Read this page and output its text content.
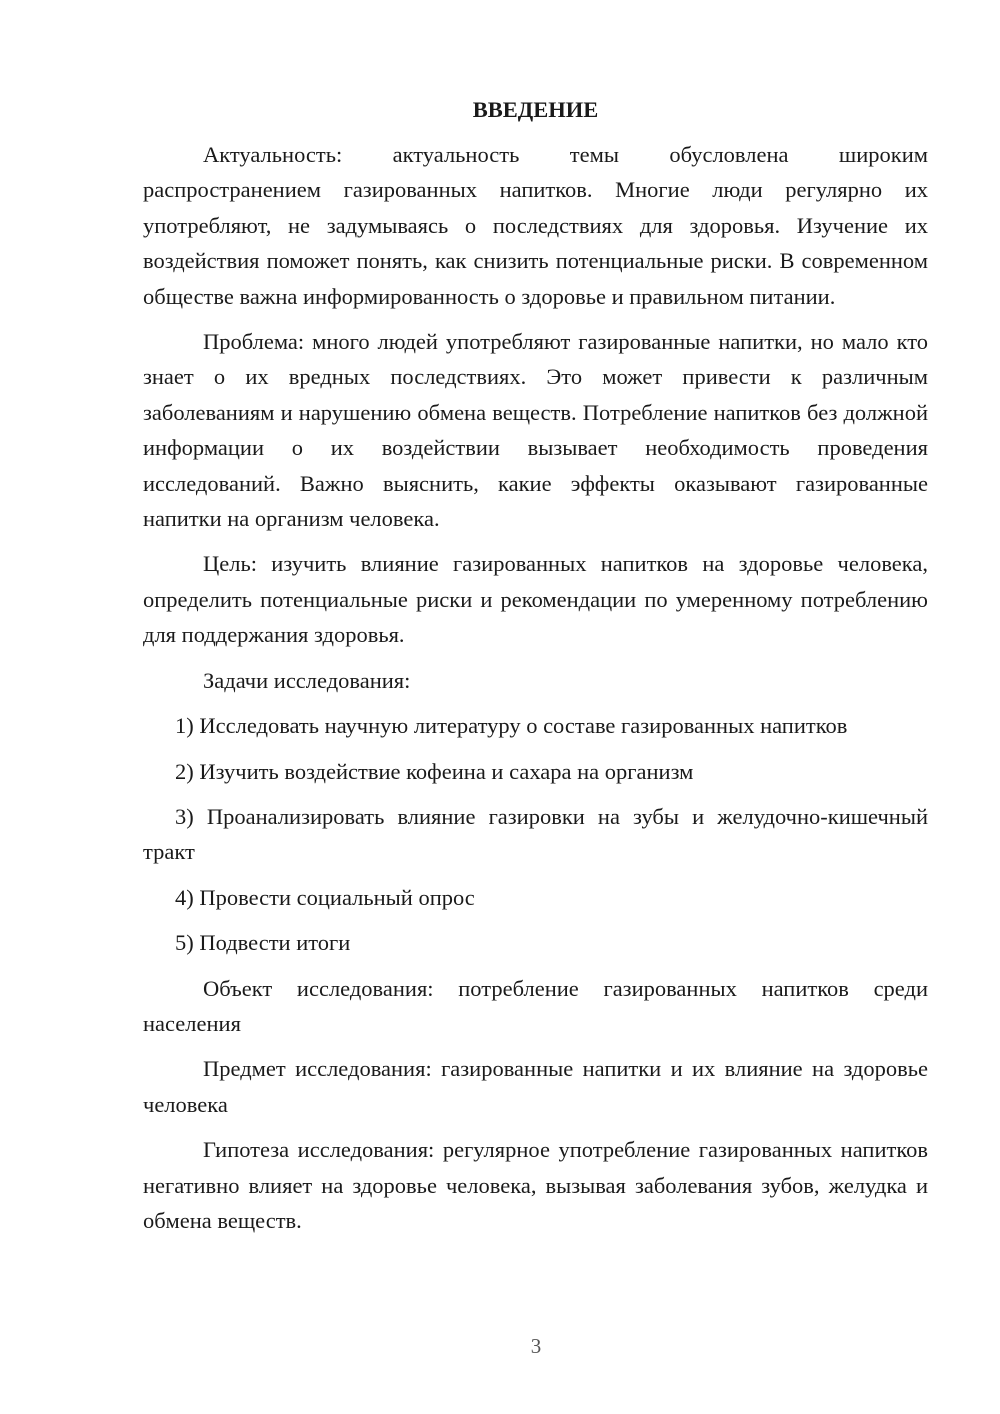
ВВЕДЕНИЕ

Актуальность: актуальность темы обусловлена широким распространением газированных напитков. Многие люди регулярно их употребляют, не задумываясь о последствиях для здоровья. Изучение их воздействия поможет понять, как снизить потенциальные риски. В современном обществе важна информированность о здоровье и правильном питании.

Проблема: много людей употребляют газированные напитки, но мало кто знает о их вредных последствиях. Это может привести к различным заболеваниям и нарушению обмена веществ. Потребление напитков без должной информации о их воздействии вызывает необходимость проведения исследований. Важно выяснить, какие эффекты оказывают газированные напитки на организм человека.

Цель: изучить влияние газированных напитков на здоровье человека, определить потенциальные риски и рекомендации по умеренному потреблению для поддержания здоровья.

Задачи исследования:

1) Исследовать научную литературу о составе газированных напитков

2) Изучить воздействие кофеина и сахара на организм

3) Проанализировать влияние газировки на зубы и желудочно-кишечный тракт

4) Провести социальный опрос

5) Подвести итоги

Объект исследования: потребление газированных напитков среди населения

Предмет исследования: газированные напитки и их влияние на здоровье человека

Гипотеза исследования: регулярное употребление газированных напитков негативно влияет на здоровье человека, вызывая заболевания зубов, желудка и обмена веществ.

3
